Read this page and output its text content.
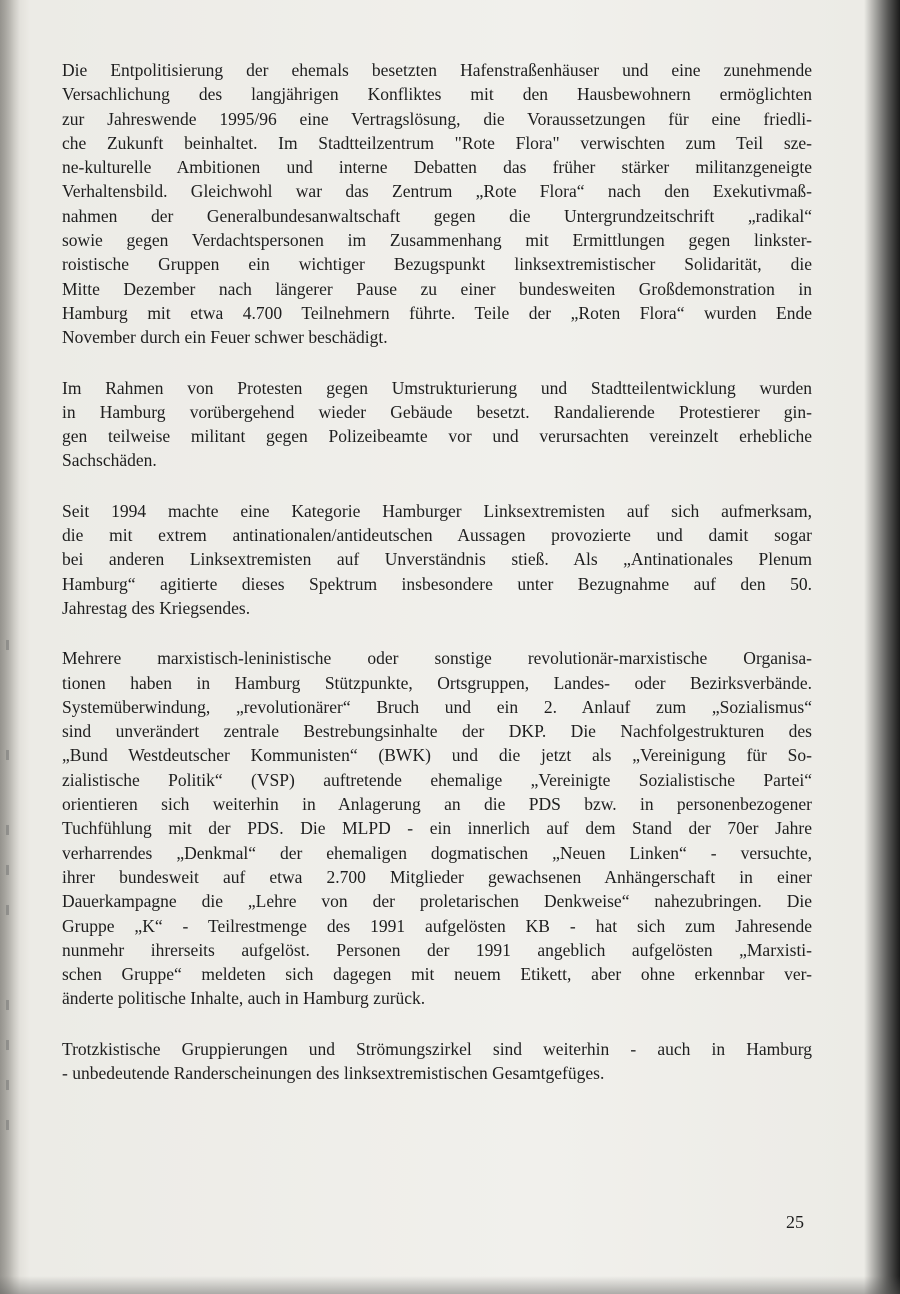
Die Entpolitisierung der ehemals besetzten Hafenstraßenhäuser und eine zunehmende
Versachlichung des langjährigen Konfliktes mit den Hausbewohnern ermöglichten
zur Jahreswende 1995/96 eine Vertragslösung, die Voraussetzungen für eine friedli-
che Zukunft beinhaltet. Im Stadtteilzentrum "Rote Flora" verwischten zum Teil sze-
ne-kulturelle Ambitionen und interne Debatten das früher stärker militanzgeneigte
Verhaltensbild. Gleichwohl war das Zentrum „Rote Flora“ nach den Exekutivmaß-
nahmen der Generalbundesanwaltschaft gegen die Untergrundzeitschrift „radikal“
sowie gegen Verdachtspersonen im Zusammenhang mit Ermittlungen gegen linkster-
roistische Gruppen ein wichtiger Bezugspunkt linksextremistischer Solidarität, die
Mitte Dezember nach längerer Pause zu einer bundesweiten Großdemonstration in
Hamburg mit etwa 4.700 Teilnehmern führte. Teile der „Roten Flora“ wurden Ende
November durch ein Feuer schwer beschädigt.

Im Rahmen von Protesten gegen Umstrukturierung und Stadtteilentwicklung wurden
in Hamburg vorübergehend wieder Gebäude besetzt. Randalierende Protestierer gin-
gen teilweise militant gegen Polizeibeamte vor und verursachten vereinzelt erhebliche
Sachschäden.

Seit 1994 machte eine Kategorie Hamburger Linksextremisten auf sich aufmerksam,
die mit extrem antinationalen/antideutschen Aussagen provozierte und damit sogar
bei anderen Linksextremisten auf Unverständnis stieß. Als „Antinationales Plenum
Hamburg“ agitierte dieses Spektrum insbesondere unter Bezugnahme auf den 50.
Jahrestag des Kriegsendes.

Mehrere marxistisch-leninistische oder sonstige revolutionär-marxistische Organisa-
tionen haben in Hamburg Stützpunkte, Ortsgruppen, Landes- oder Bezirksverbände.
Systemüberwindung, „revolutionärer“ Bruch und ein 2. Anlauf zum „Sozialismus“
sind unverändert zentrale Bestrebungsinhalte der DKP. Die Nachfolgestrukturen des
„Bund Westdeutscher Kommunisten“ (BWK) und die jetzt als „Vereinigung für So-
zialistische Politik“ (VSP) auftretende ehemalige „Vereinigte Sozialistische Partei“
orientieren sich weiterhin in Anlagerung an die PDS bzw. in personenbezogener
Tuchfühlung mit der PDS. Die MLPD - ein innerlich auf dem Stand der 70er Jahre
verharrendes „Denkmal“ der ehemaligen dogmatischen „Neuen Linken“ - versuchte,
ihrer bundesweit auf etwa 2.700 Mitglieder gewachsenen Anhängerschaft in einer
Dauerkampagne die „Lehre von der proletarischen Denkweise“ nahezubringen. Die
Gruppe „K“ - Teilrestmenge des 1991 aufgelösten KB - hat sich zum Jahresende
nunmehr ihrerseits aufgelöst. Personen der 1991 angeblich aufgelösten „Marxisti-
schen Gruppe“ meldeten sich dagegen mit neuem Etikett, aber ohne erkennbar ver-
änderte politische Inhalte, auch in Hamburg zurück.

Trotzkistische Gruppierungen und Strömungszirkel sind weiterhin - auch in Hamburg
- unbedeutende Randerscheinungen des linksextremistischen Gesamtgefüges.

25
